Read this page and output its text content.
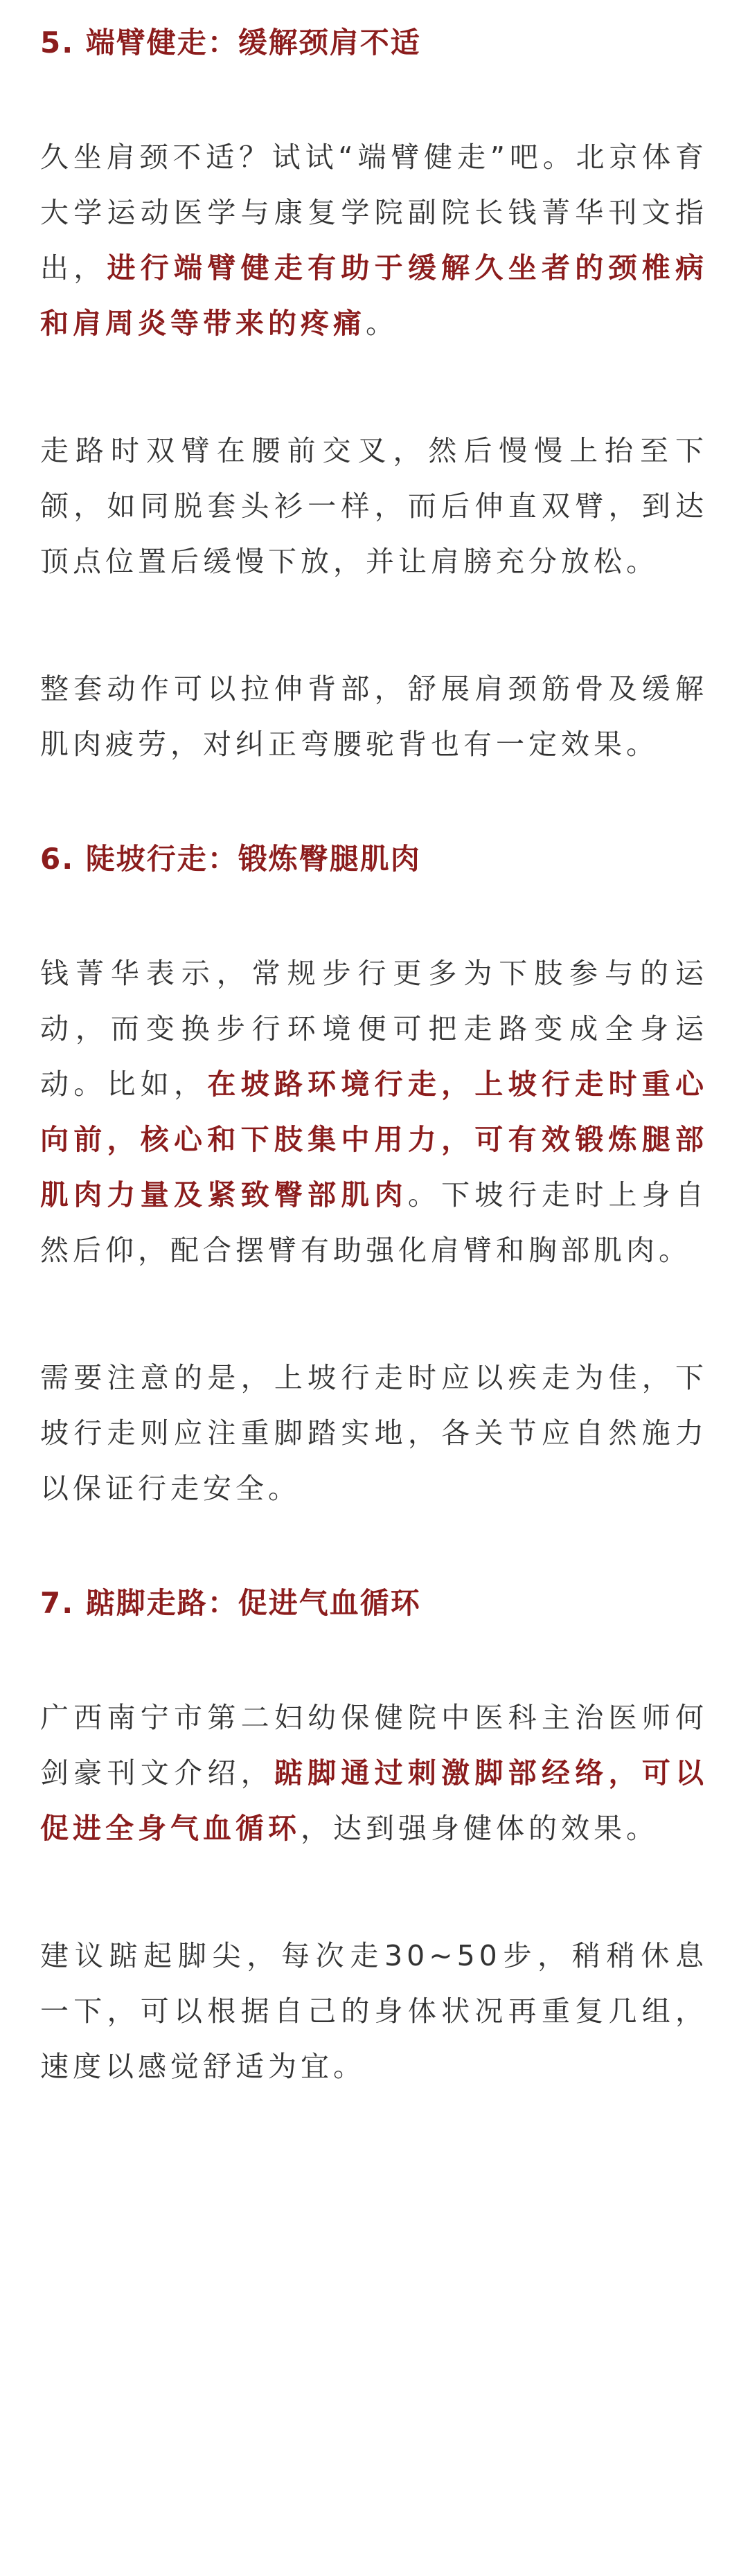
5. 端臂健走：缓解颈肩不适

久坐肩颈不适？试试“端臂健走”吧。北京体育大学运动医学与康复学院副院长钱菁华刊文指出，进行端臂健走有助于缓解久坐者的颈椎病和肩周炎等带来的疼痛。

走路时双臂在腰前交叉，然后慢慢上抬至下颌，如同脱套头衫一样，而后伸直双臂，到达顶点位置后缓慢下放，并让肩膀充分放松。

整套动作可以拉伸背部，舒展肩颈筋骨及缓解肌肉疲劳，对纠正弯腰驼背也有一定效果。

6. 陡坡行走：锻炼臀腿肌肉

钱菁华表示，常规步行更多为下肢参与的运动，而变换步行环境便可把走路变成全身运动。比如，在坡路环境行走，上坡行走时重心向前，核心和下肢集中用力，可有效锻炼腿部肌肉力量及紧致臀部肌肉。下坡行走时上身自然后仰，配合摆臂有助强化肩臂和胸部肌肉。

需要注意的是，上坡行走时应以疾走为佳，下坡行走则应注重脚踏实地，各关节应自然施力以保证行走安全。

7. 踮脚走路：促进气血循环

广西南宁市第二妇幼保健院中医科主治医师何剑豪刊文介绍，踮脚通过刺激脚部经络，可以促进全身气血循环，达到强身健体的效果。

建议踮起脚尖，每次走30~50步，稍稍休息一下，可以根据自己的身体状况再重复几组，速度以感觉舒适为宜。
